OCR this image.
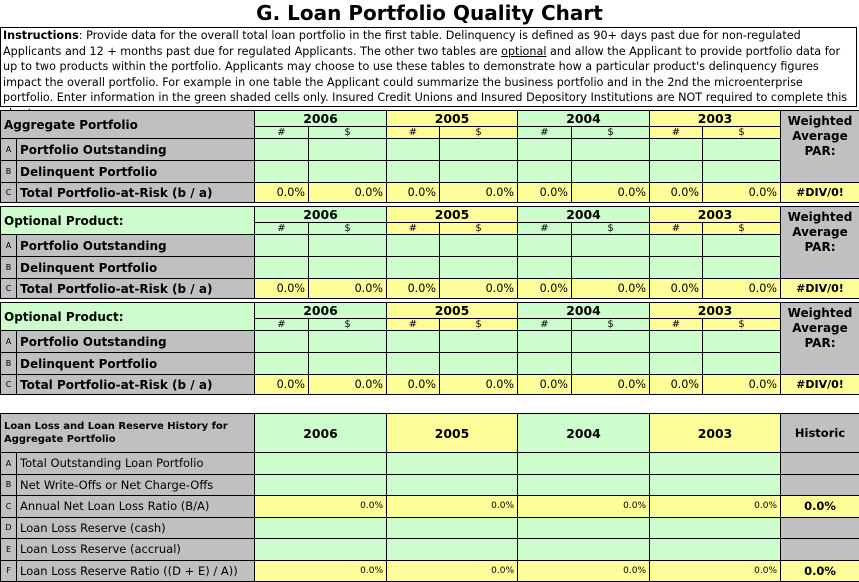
G. Loan Portfolio Quality Chart
Instructions: Provide data for the overall total loan portfolio in the first table. Delinquency is defined as 90+ days past due for non-regulated Applicants and 12 + months past due for regulated Applicants. The other two tables are optional and allow the Applicant to provide portfolio data for up to two products within the portfolio. Applicants may choose to use these tables to demonstrate how a particular product's delinquency figures impact the overall portfolio. For example in one table the Applicant could summarize the business portfolio and in the 2nd the microenterprise portfolio. Enter information in the green shaded cells only. Insured Credit Unions and Insured Depository Institutions are NOT required to complete this
Aggregate Portfolio		2006		2005		2004		2003		Weighted Average PAR:
		#	$	#	$	#	$	#	$	
A	Portfolio Outstanding									
B	Delinquent Portfolio									
C	Total Portfolio-at-Risk (b / a)	0.0%	0.0%	0.0%	0.0%	0.0%	0.0%	0.0%	0.0%	#DIV/0!
Optional Product:		2006		2005		2004		2003		Weighted Average PAR:
		#	$	#	$	#	$	#	$	
A	Portfolio Outstanding									
B	Delinquent Portfolio									
C	Total Portfolio-at-Risk (b / a)	0.0%	0.0%	0.0%	0.0%	0.0%	0.0%	0.0%	0.0%	#DIV/0!
Optional Product:		2006		2005		2004		2003		Weighted Average PAR:
		#	$	#	$	#	$	#	$	
A	Portfolio Outstanding									
B	Delinquent Portfolio									
C	Total Portfolio-at-Risk (b / a)	0.0%	0.0%	0.0%	0.0%	0.0%	0.0%	0.0%	0.0%	#DIV/0!
Loan Loss and Loan Reserve History for Aggregate Portfolio		2006	2005	2004	2003	Historic
A	Total Outstanding Loan Portfolio					
B	Net Write-Offs or Net Charge-Offs					
C	Annual Net Loan Loss Ratio (B/A)	0.0%	0.0%	0.0%	0.0%	0.0%
D	Loan Loss Reserve (cash)					
E	Loan Loss Reserve (accrual)					
F	Loan Loss Reserve Ratio ((D + E) / A))	0.0%	0.0%	0.0%	0.0%	0.0%
